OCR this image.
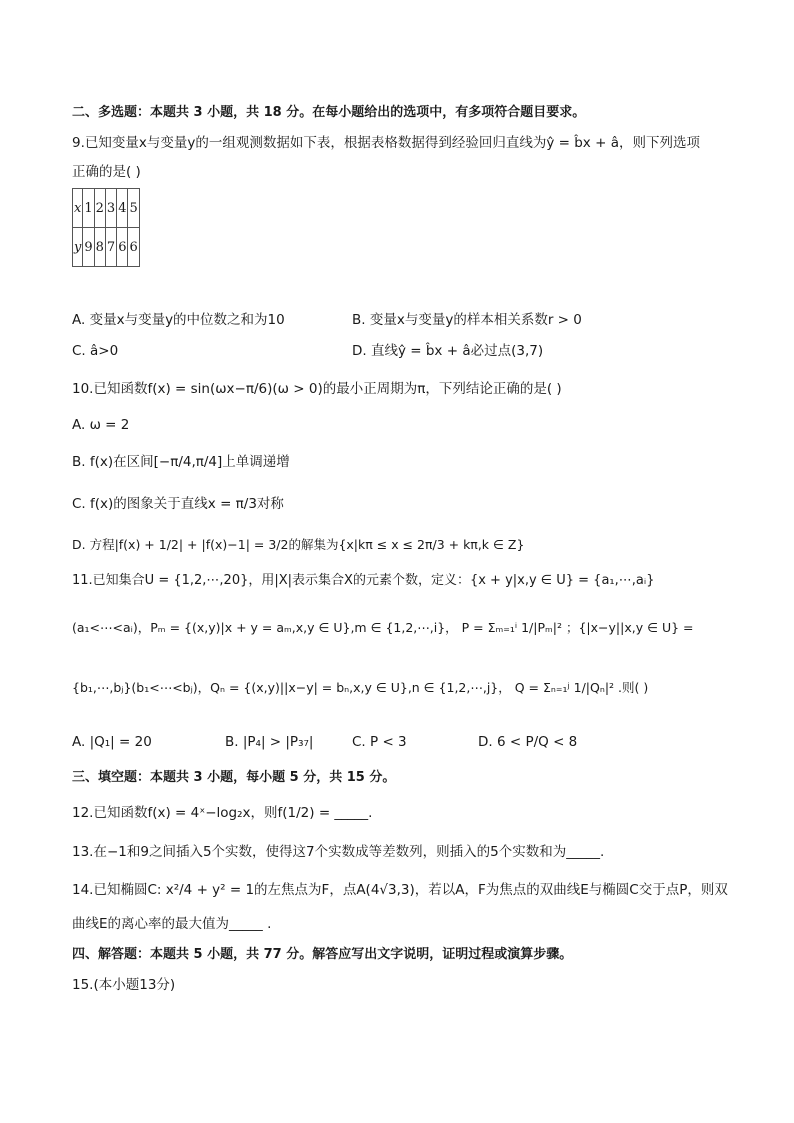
二、多选题：本题共 3 小题，共 18 分。在每小题给出的选项中，有多项符合题目要求。
9.已知变量x与变量y的一组观测数据如下表，根据表格数据得到经验回归直线为ŷ = b̂x + â，则下列选项
正确的是( )
x	1	2	3	4	5
y	9	8	7	6	6
A. 变量x与变量y的中位数之和为10	B. 变量x与变量y的样本相关系数r > 0
C. â>0	D. 直线ŷ = b̂x + â必过点(3,7)
10.已知函数f(x) = sin(ωx−π/6)(ω > 0)的最小正周期为π，下列结论正确的是( )
A. ω = 2
B. f(x)在区间[−π/4,π/4]上单调递增
C. f(x)的图象关于直线x = π/3对称
D. 方程|f(x) + 1/2| + |f(x)−1| = 3/2的解集为{x|kπ ≤ x ≤ 2π/3 + kπ,k ∈ Z}
11.已知集合U = {1,2,⋯,20}，用|X|表示集合X的元素个数，定义：{x + y|x,y ∈ U} = {a₁,⋯,aᵢ}
(a₁<⋯<aᵢ)，Pₘ = {(x,y)|x + y = aₘ,x,y ∈ U},m ∈ {1,2,⋯,i}， P = Σₘ₌₁ⁱ 1/|Pₘ|² ；{|x−y||x,y ∈ U} =
{b₁,⋯,bⱼ}(b₁<⋯<bⱼ)，Qₙ = {(x,y)||x−y| = bₙ,x,y ∈ U},n ∈ {1,2,⋯,j}， Q = Σₙ₌₁ʲ 1/|Qₙ|² .则( )
A. |Q₁| = 20	B. |P₄| > |P₃₇|	C. P < 3	D. 6 < P/Q < 8
三、填空题：本题共 3 小题，每小题 5 分，共 15 分。
12.已知函数f(x) = 4ˣ−log₂x，则f(1/2) = _____.
13.在−1和9之间插入5个实数，使得这7个实数成等差数列，则插入的5个实数和为_____.
14.已知椭圆C: x²/4 + y² = 1的左焦点为F，点A(4√3,3)，若以A，F为焦点的双曲线E与椭圆C交于点P，则双
曲线E的离心率的最大值为_____ .
四、解答题：本题共 5 小题，共 77 分。解答应写出文字说明，证明过程或演算步骤。
15.(本小题13分)
